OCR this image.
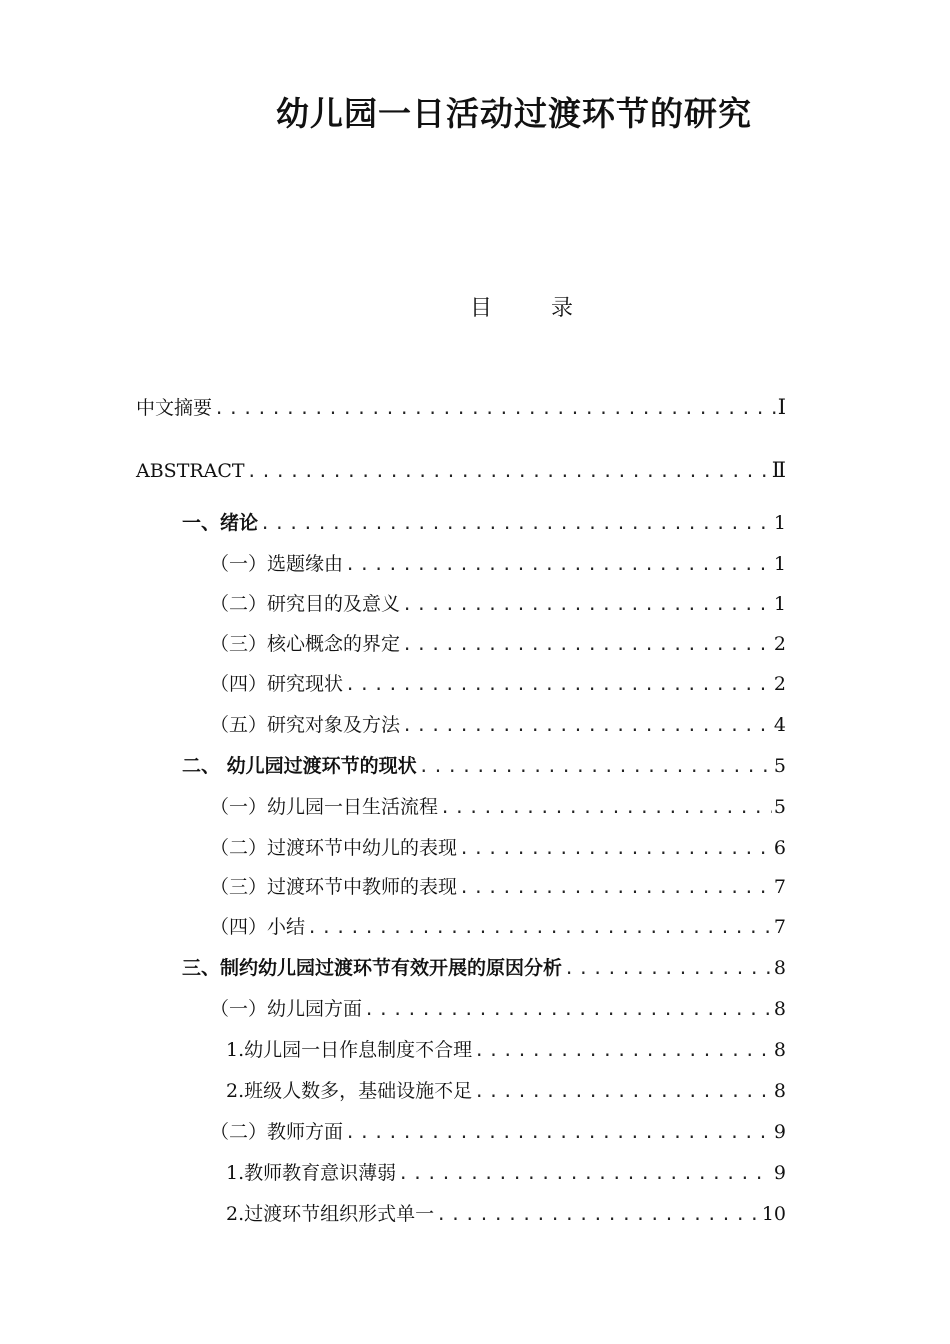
幼儿园一日活动过渡环节的研究
目 录
中文摘要 .....	Ⅰ
ABSTRACT .....	Ⅱ
一、绪论 .....	1
（一）选题缘由 .....	1
（二）研究目的及意义 .....	1
（三）核心概念的界定 .....	2
（四）研究现状 .....	2
（五）研究对象及方法 .....	4
二、 幼儿园过渡环节的现状 .....	5
（一）幼儿园一日生活流程 .....	5
（二）过渡环节中幼儿的表现 .....	6
（三）过渡环节中教师的表现 .....	7
（四）小结 .....	7
三、制约幼儿园过渡环节有效开展的原因分析 .....	8
（一）幼儿园方面 .....	8
1.幼儿园一日作息制度不合理 .....	8
2.班级人数多，基础设施不足 .....	8
（二）教师方面 .....	9
1.教师教育意识薄弱 .....	9
2.过渡环节组织形式单一 .....	10
